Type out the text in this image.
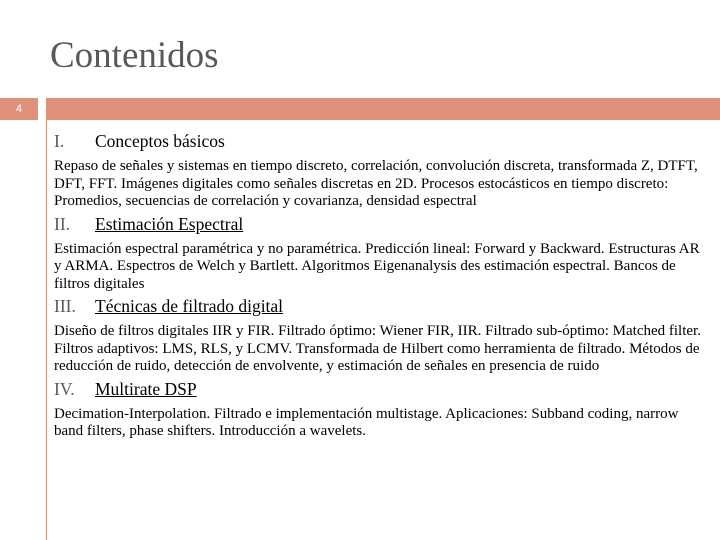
Contenidos
4
I.	Conceptos básicos
Repaso de señales y sistemas en tiempo discreto, correlación, convolución discreta, transformada Z, DTFT, DFT, FFT. Imágenes digitales como señales discretas en 2D. Procesos estocásticos en tiempo discreto: Promedios, secuencias de correlación y covarianza, densidad espectral
II.	Estimación Espectral
Estimación espectral paramétrica y no paramétrica. Predicción lineal: Forward y Backward. Estructuras AR y ARMA. Espectros de Welch y Bartlett. Algoritmos Eigenanalysis des estimación espectral. Bancos de filtros digitales
III.	Técnicas de filtrado digital
Diseño de filtros digitales IIR y FIR. Filtrado óptimo: Wiener FIR, IIR. Filtrado sub-óptimo: Matched filter. Filtros adaptivos: LMS, RLS, y LCMV. Transformada de Hilbert como herramienta de filtrado. Métodos de reducción de ruido, detección de envolvente, y estimación de señales en presencia de ruido
IV.	Multirate DSP
Decimation-Interpolation. Filtrado e implementación multistage. Aplicaciones: Subband coding, narrow band filters, phase shifters. Introducción a wavelets.
